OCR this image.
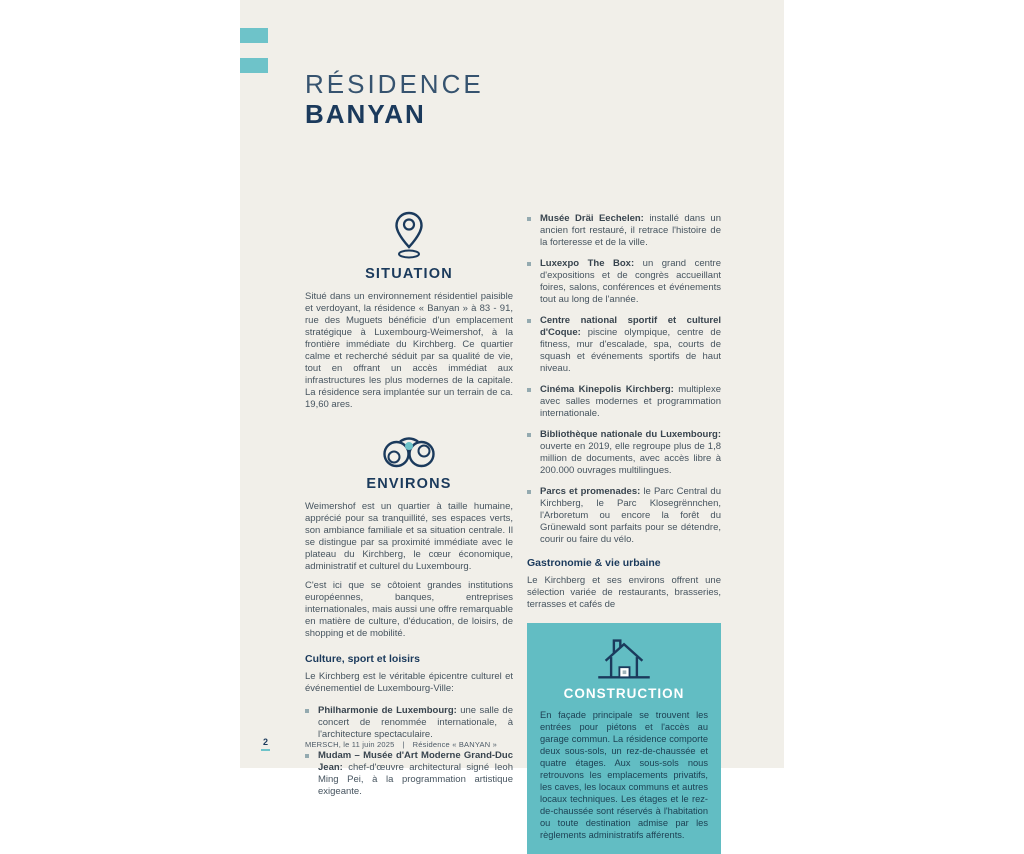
RÉSIDENCE
BANYAN
SITUATION

Situé dans un environnement résidentiel paisible et verdoyant, la résidence « Banyan » à 83 - 91, rue des Muguets bénéficie d'un emplacement stratégique à Luxembourg-Weimershof, à la frontière immédiate du Kirchberg. Ce quartier calme et recherché séduit par sa qualité de vie, tout en offrant un accès immédiat aux infrastructures les plus modernes de la capitale. La résidence sera implantée sur un terrain de ca. 19,60 ares.

ENVIRONS

Weimershof est un quartier à taille humaine, apprécié pour sa tranquillité, ses espaces verts, son ambiance familiale et sa situation centrale. Il se distingue par sa proximité immédiate avec le plateau du Kirchberg, le cœur économique, administratif et culturel du Luxembourg.

C'est ici que se côtoient grandes institutions européennes, banques, entreprises internationales, mais aussi une offre remarquable en matière de culture, d'éducation, de loisirs, de shopping et de mobilité.

Culture, sport et loisirs

Le Kirchberg est le véritable épicentre culturel et événementiel de Luxembourg-Ville:

Philharmonie de Luxembourg: une salle de concert de renommée internationale, à l'architecture spectaculaire.
Mudam – Musée d'Art Moderne Grand-Duc Jean: chef-d'œuvre architectural signé Ieoh Ming Pei, à la programmation artistique exigeante.
Musée Dräi Eechelen: installé dans un ancien fort restauré, il retrace l'histoire de la forteresse et de la ville.
Luxexpo The Box: un grand centre d'expositions et de congrès accueillant foires, salons, conférences et événements tout au long de l'année.
Centre national sportif et culturel d'Coque: piscine olympique, centre de fitness, mur d'escalade, spa, courts de squash et événements sportifs de haut niveau.
Cinéma Kinepolis Kirchberg: multiplexe avec salles modernes et programmation internationale.
Bibliothèque nationale du Luxembourg: ouverte en 2019, elle regroupe plus de 1,8 million de documents, avec accès libre à 200.000 ouvrages multilingues.
Parcs et promenades: le Parc Central du Kirchberg, le Parc Klosegrënnchen, l'Arboretum ou encore la forêt du Grünewald sont parfaits pour se détendre, courir ou faire du vélo.
Gastronomie & vie urbaine

Le Kirchberg et ses environs offrent une sélection variée de restaurants, brasseries, terrasses et cafés de

CONSTRUCTION

En façade principale se trouvent les entrées pour piétons et l'accès au garage commun. La résidence comporte deux sous-sols, un rez-de-chaussée et quatre étages. Aux sous-sols nous retrouvons les emplacements privatifs, les caves, les locaux communs et autres locaux techniques. Les étages et le rez-de-chaussée sont réservés à l'habitation ou toute destination admise par les règlements administratifs afférents.

2	MERSCH, le 11 juin 2025 | Résidence « BANYAN »
